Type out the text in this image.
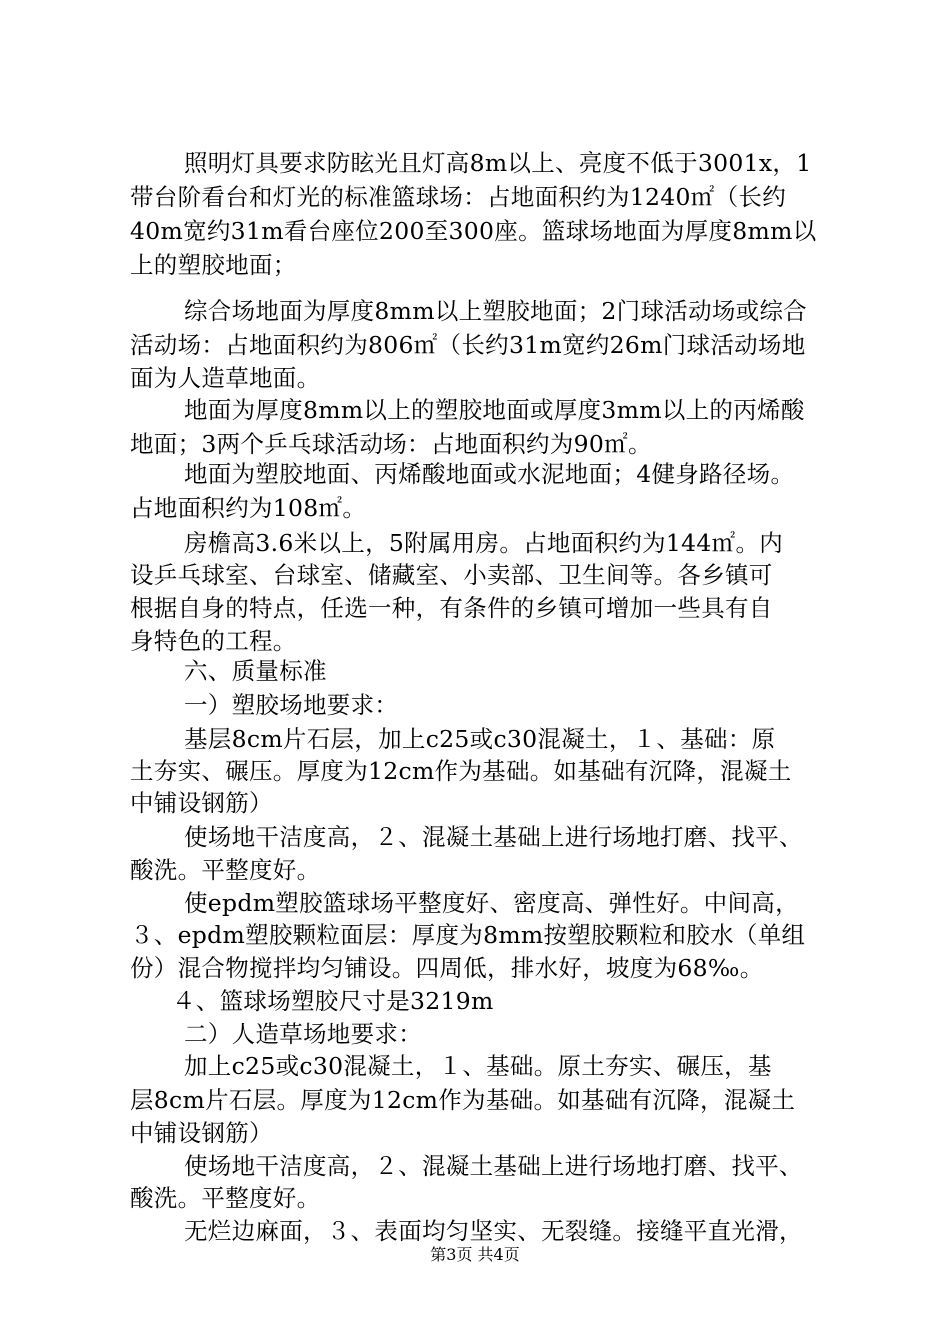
照明灯具要求防眩光且灯高8m以上、亮度不低于3001x，1
带台阶看台和灯光的标准篮球场：占地面积约为1240㎡（长约
40m宽约31m看台座位200至300座。篮球场地面为厚度8mm以
上的塑胶地面；
综合场地面为厚度8mm以上塑胶地面；2门球活动场或综合
活动场：占地面积约为806㎡（长约31m宽约26m门球活动场地
面为人造草地面。
地面为厚度8mm以上的塑胶地面或厚度3mm以上的丙烯酸
地面；3两个乒乓球活动场：占地面积约为90㎡。
地面为塑胶地面、丙烯酸地面或水泥地面；4健身路径场。
占地面积约为108㎡。
房檐高3.6米以上，5附属用房。占地面积约为144㎡。内
设乒乓球室、台球室、储藏室、小卖部、卫生间等。各乡镇可
根据自身的特点，任选一种，有条件的乡镇可增加一些具有自
身特色的工程。
六、质量标准
一）塑胶场地要求：
基层8cm片石层，加上c25或c30混凝土，１、基础：原
土夯实、碾压。厚度为12cm作为基础。如基础有沉降，混凝土
中铺设钢筋）
使场地干洁度高，２、混凝土基础上进行场地打磨、找平、
酸洗。平整度好。
使epdm塑胶篮球场平整度好、密度高、弹性好。中间高，
３、epdm塑胶颗粒面层：厚度为8mm按塑胶颗粒和胶水（单组
份）混合物搅拌均匀铺设。四周低，排水好，坡度为68‰。
４、篮球场塑胶尺寸是3219m
二）人造草场地要求：
加上c25或c30混凝土，１、基础。原土夯实、碾压，基
层8cm片石层。厚度为12cm作为基础。如基础有沉降，混凝土
中铺设钢筋）
使场地干洁度高，２、混凝土基础上进行场地打磨、找平、
酸洗。平整度好。
无烂边麻面，３、表面均匀坚实、无裂缝。接缝平直光滑，
第3页 共4页
